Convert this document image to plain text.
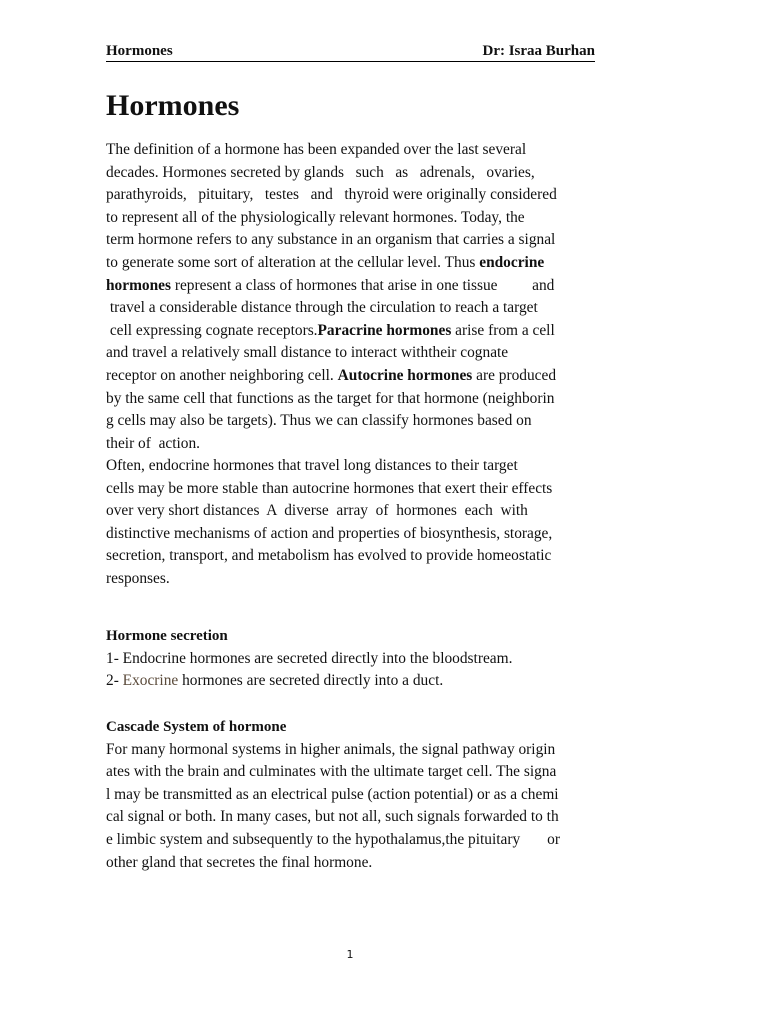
Hormones	Dr: Israa Burhan
Hormones
The definition of a hormone has been expanded over the last several
decades. Hormones secreted by glands   such   as   adrenals,   ovaries,
parathyroids,   pituitary,   testes   and   thyroid were originally considered
to represent all of the physiologically relevant hormones. Today, the
term hormone refers to any substance in an organism that carries a signal
to generate some sort of alteration at the cellular level. Thus endocrine
hormones represent a class of hormones that arise in one tissue         and
travel a considerable distance through the circulation to reach a target
cell expressing cognate receptors.Paracrine hormones arise from a cell
and travel a relatively small distance to interact withtheir cognate
receptor on another neighboring cell. Autocrine hormones are produced
by the same cell that functions as the target for that hormone (neighborin
g cells may also be targets). Thus we can classify hormones based on
their of  action.
Often, endocrine hormones that travel long distances to their target
cells may be more stable than autocrine hormones that exert their effects
over very short distances  A  diverse  array  of  hormones  each  with
distinctive mechanisms of action and properties of biosynthesis, storage,
secretion, transport, and metabolism has evolved to provide homeostatic
responses.
Hormone secretion
1- Endocrine hormones are secreted directly into the bloodstream.
2- Exocrine hormones are secreted directly into a duct.
Cascade System of hormone
For many hormonal systems in higher animals, the signal pathway origin
ates with the brain and culminates with the ultimate target cell. The signa
l may be transmitted as an electrical pulse (action potential) or as a chemi
cal signal or both. In many cases, but not all, such signals forwarded to th
e limbic system and subsequently to the hypothalamus,the pituitary       or
other gland that secretes the final hormone.
1
